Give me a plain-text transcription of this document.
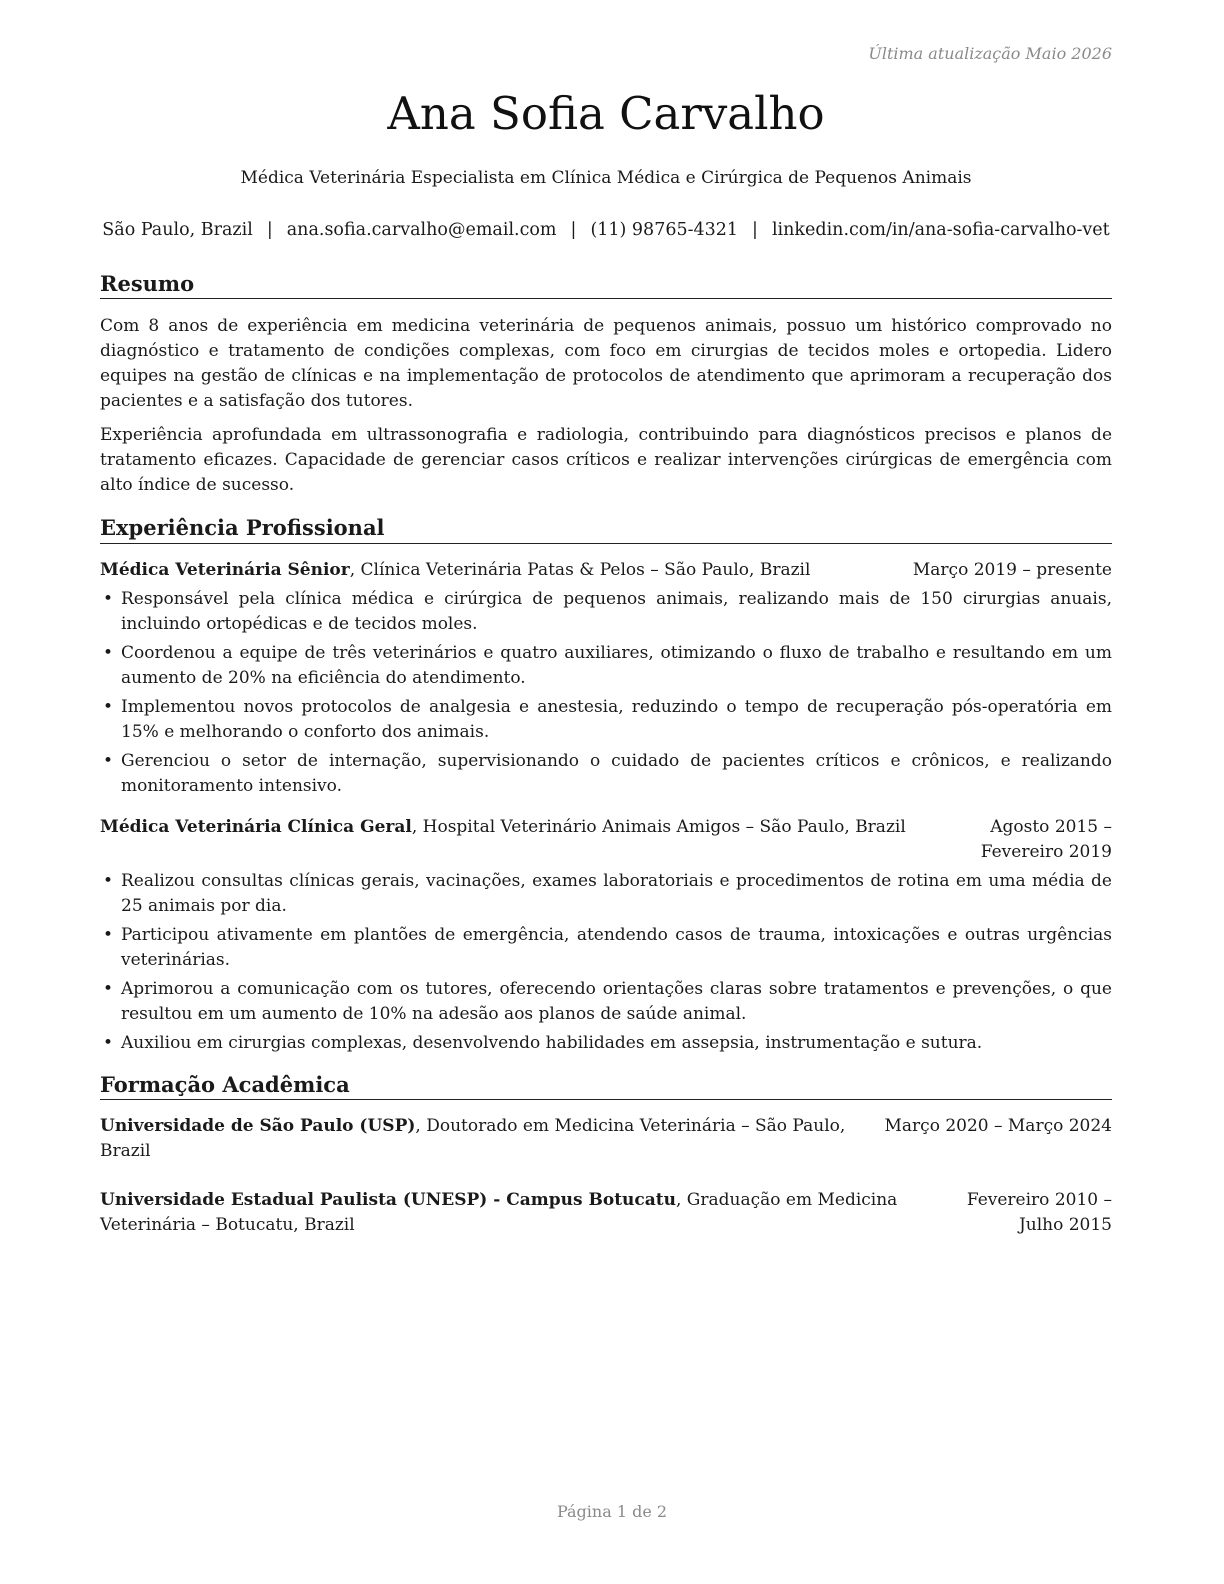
Última atualização Maio 2026
Ana Sofia Carvalho
Médica Veterinária Especialista em Clínica Médica e Cirúrgica de Pequenos Animais
São Paulo, Brazil | ana.sofia.carvalho@email.com | (11) 98765-4321 | linkedin.com/in/ana-sofia-carvalho-vet
Resumo

Com 8 anos de experiência em medicina veterinária de pequenos animais, possuo um histórico comprovado no diagnóstico e tratamento de condições complexas, com foco em cirurgias de tecidos moles e ortopedia. Lidero equipes na gestão de clínicas e na implementação de protocolos de atendimento que aprimoram a recuperação dos pacientes e a satisfação dos tutores.

Experiência aprofundada em ultrassonografia e radiologia, contribuindo para diagnósticos precisos e planos de tratamento eficazes. Capacidade de gerenciar casos críticos e realizar intervenções cirúrgicas de emergência com alto índice de sucesso.

Experiência Profissional
Médica Veterinária Sênior, Clínica Veterinária Patas & Pelos – São Paulo, Brazil	Março 2019 – presente
• Responsável pela clínica médica e cirúrgica de pequenos animais, realizando mais de 150 cirurgias anuais, incluindo ortopédicas e de tecidos moles.
• Coordenou a equipe de três veterinários e quatro auxiliares, otimizando o fluxo de trabalho e resultando em um aumento de 20% na eficiência do atendimento.
• Implementou novos protocolos de analgesia e anestesia, reduzindo o tempo de recuperação pós-operatória em 15% e melhorando o conforto dos animais.
• Gerenciou o setor de internação, supervisionando o cuidado de pacientes críticos e crônicos, e realizando monitoramento intensivo.
Médica Veterinária Clínica Geral, Hospital Veterinário Animais Amigos – São Paulo, Brazil	Agosto 2015 – Fevereiro 2019
• Realizou consultas clínicas gerais, vacinações, exames laboratoriais e procedimentos de rotina em uma média de 25 animais por dia.
• Participou ativamente em plantões de emergência, atendendo casos de trauma, intoxicações e outras urgências veterinárias.
• Aprimorou a comunicação com os tutores, oferecendo orientações claras sobre tratamentos e prevenções, o que resultou em um aumento de 10% na adesão aos planos de saúde animal.
• Auxiliou em cirurgias complexas, desenvolvendo habilidades em assepsia, instrumentação e sutura.
Formação Acadêmica
Universidade de São Paulo (USP), Doutorado em Medicina Veterinária – São Paulo, Brazil
Março 2020 – Março 2024
Universidade Estadual Paulista (UNESP) - Campus Botucatu, Graduação em Medicina Veterinária – Botucatu, Brazil
Fevereiro 2010 – Julho 2015
Página 1 de 2
